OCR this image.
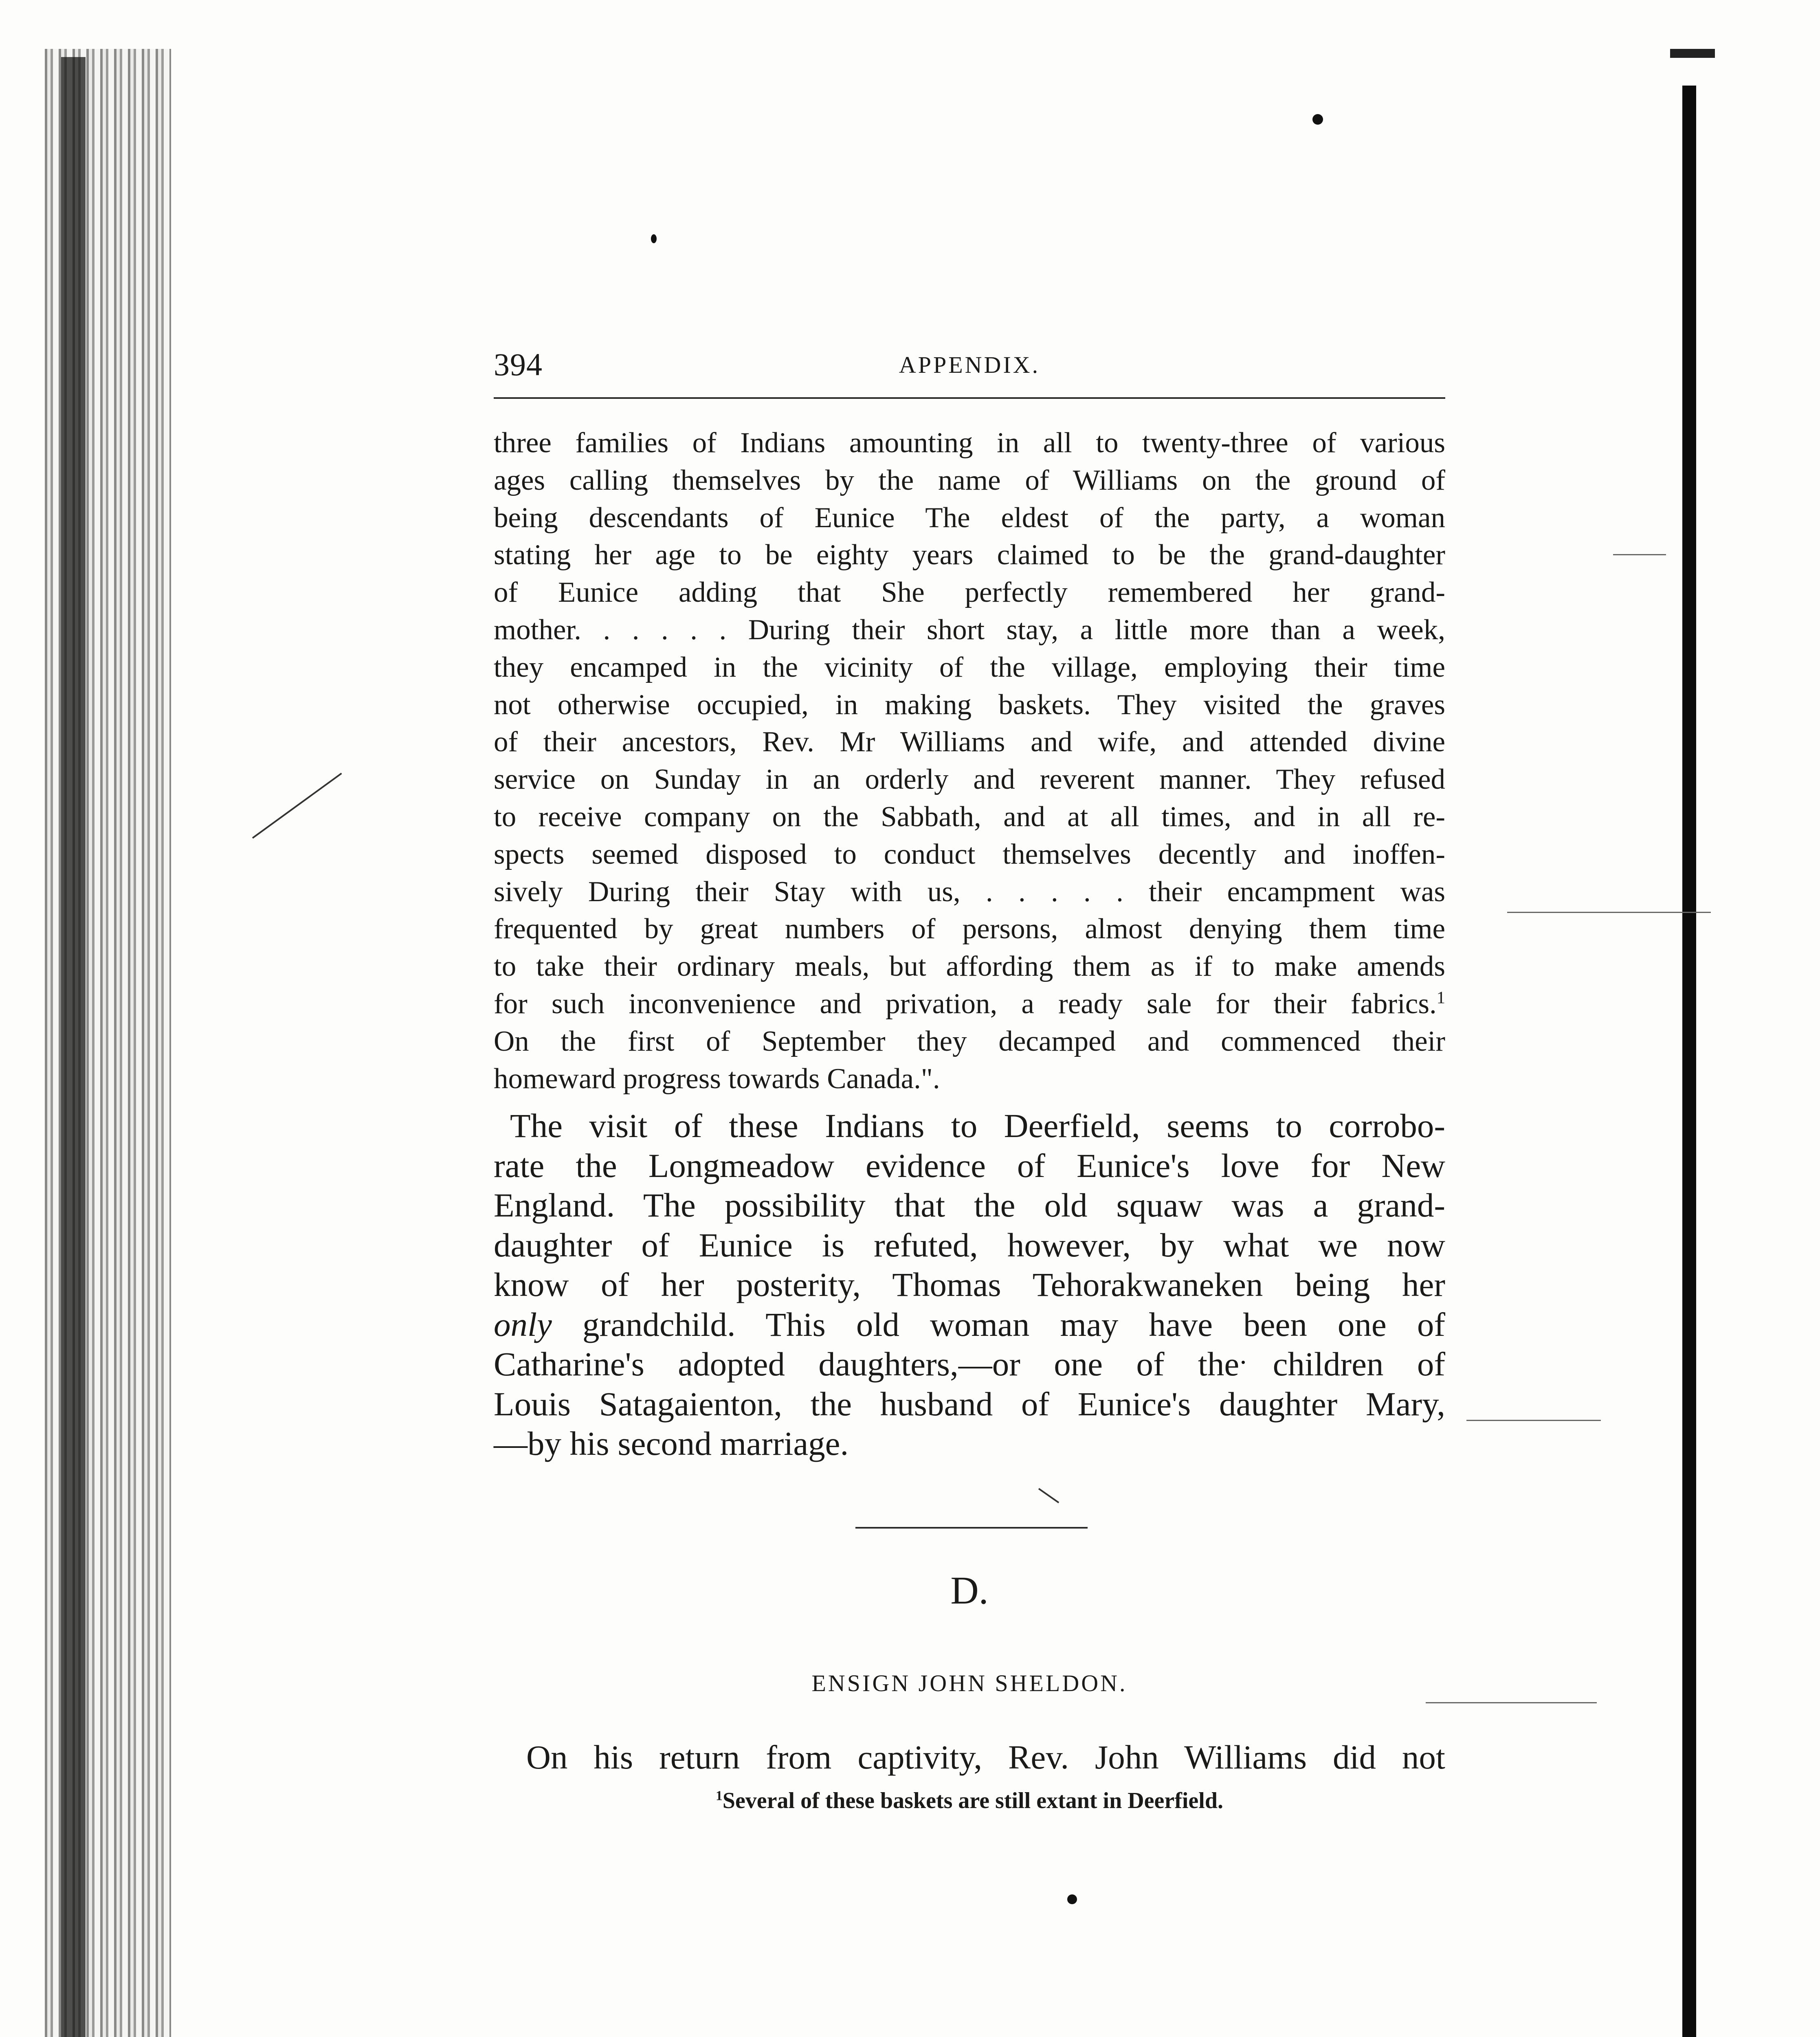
394	APPENDIX.
three families of Indians amounting in all to twenty-three of various
ages calling themselves by the name of Williams on the ground of
being descendants of Eunice The eldest of the party, a woman
stating her age to be eighty years claimed to be the grand-daughter
of Eunice adding that She perfectly remembered her grand-
mother. . . . . . During their short stay, a little more than a week,
they encamped in the vicinity of the village, employing their time
not otherwise occupied, in making baskets. They visited the graves
of their ancestors, Rev. Mr Williams and wife, and attended divine
service on Sunday in an orderly and reverent manner. They refused
to receive company on the Sabbath, and at all times, and in all re-
spects seemed disposed to conduct themselves decently and inoffen-
sively During their Stay with us, . . . . . their encampment was
frequented by great numbers of persons, almost denying them time
to take their ordinary meals, but affording them as if to make amends
for such inconvenience and privation, a ready sale for their fabrics.$^1$
On the first of September they decamped and commenced their
homeward progress towards Canada.".
The visit of these Indians to Deerfield, seems to corrobo-
rate the Longmeadow evidence of Eunice's love for New
England. The possibility that the old squaw was a grand-
daughter of Eunice is refuted, however, by what we now
know of her posterity, Thomas Tehorakwaneken being her
only grandchild. This old woman may have been one of
Catharine's adopted daughters,—or one of the children of
Louis Satagaienton, the husband of Eunice's daughter Mary,
—by his second marriage.
D.
ENSIGN JOHN SHELDON.
On his return from captivity, Rev. John Williams did not
$^1$Several of these baskets are still extant in Deerfield.
